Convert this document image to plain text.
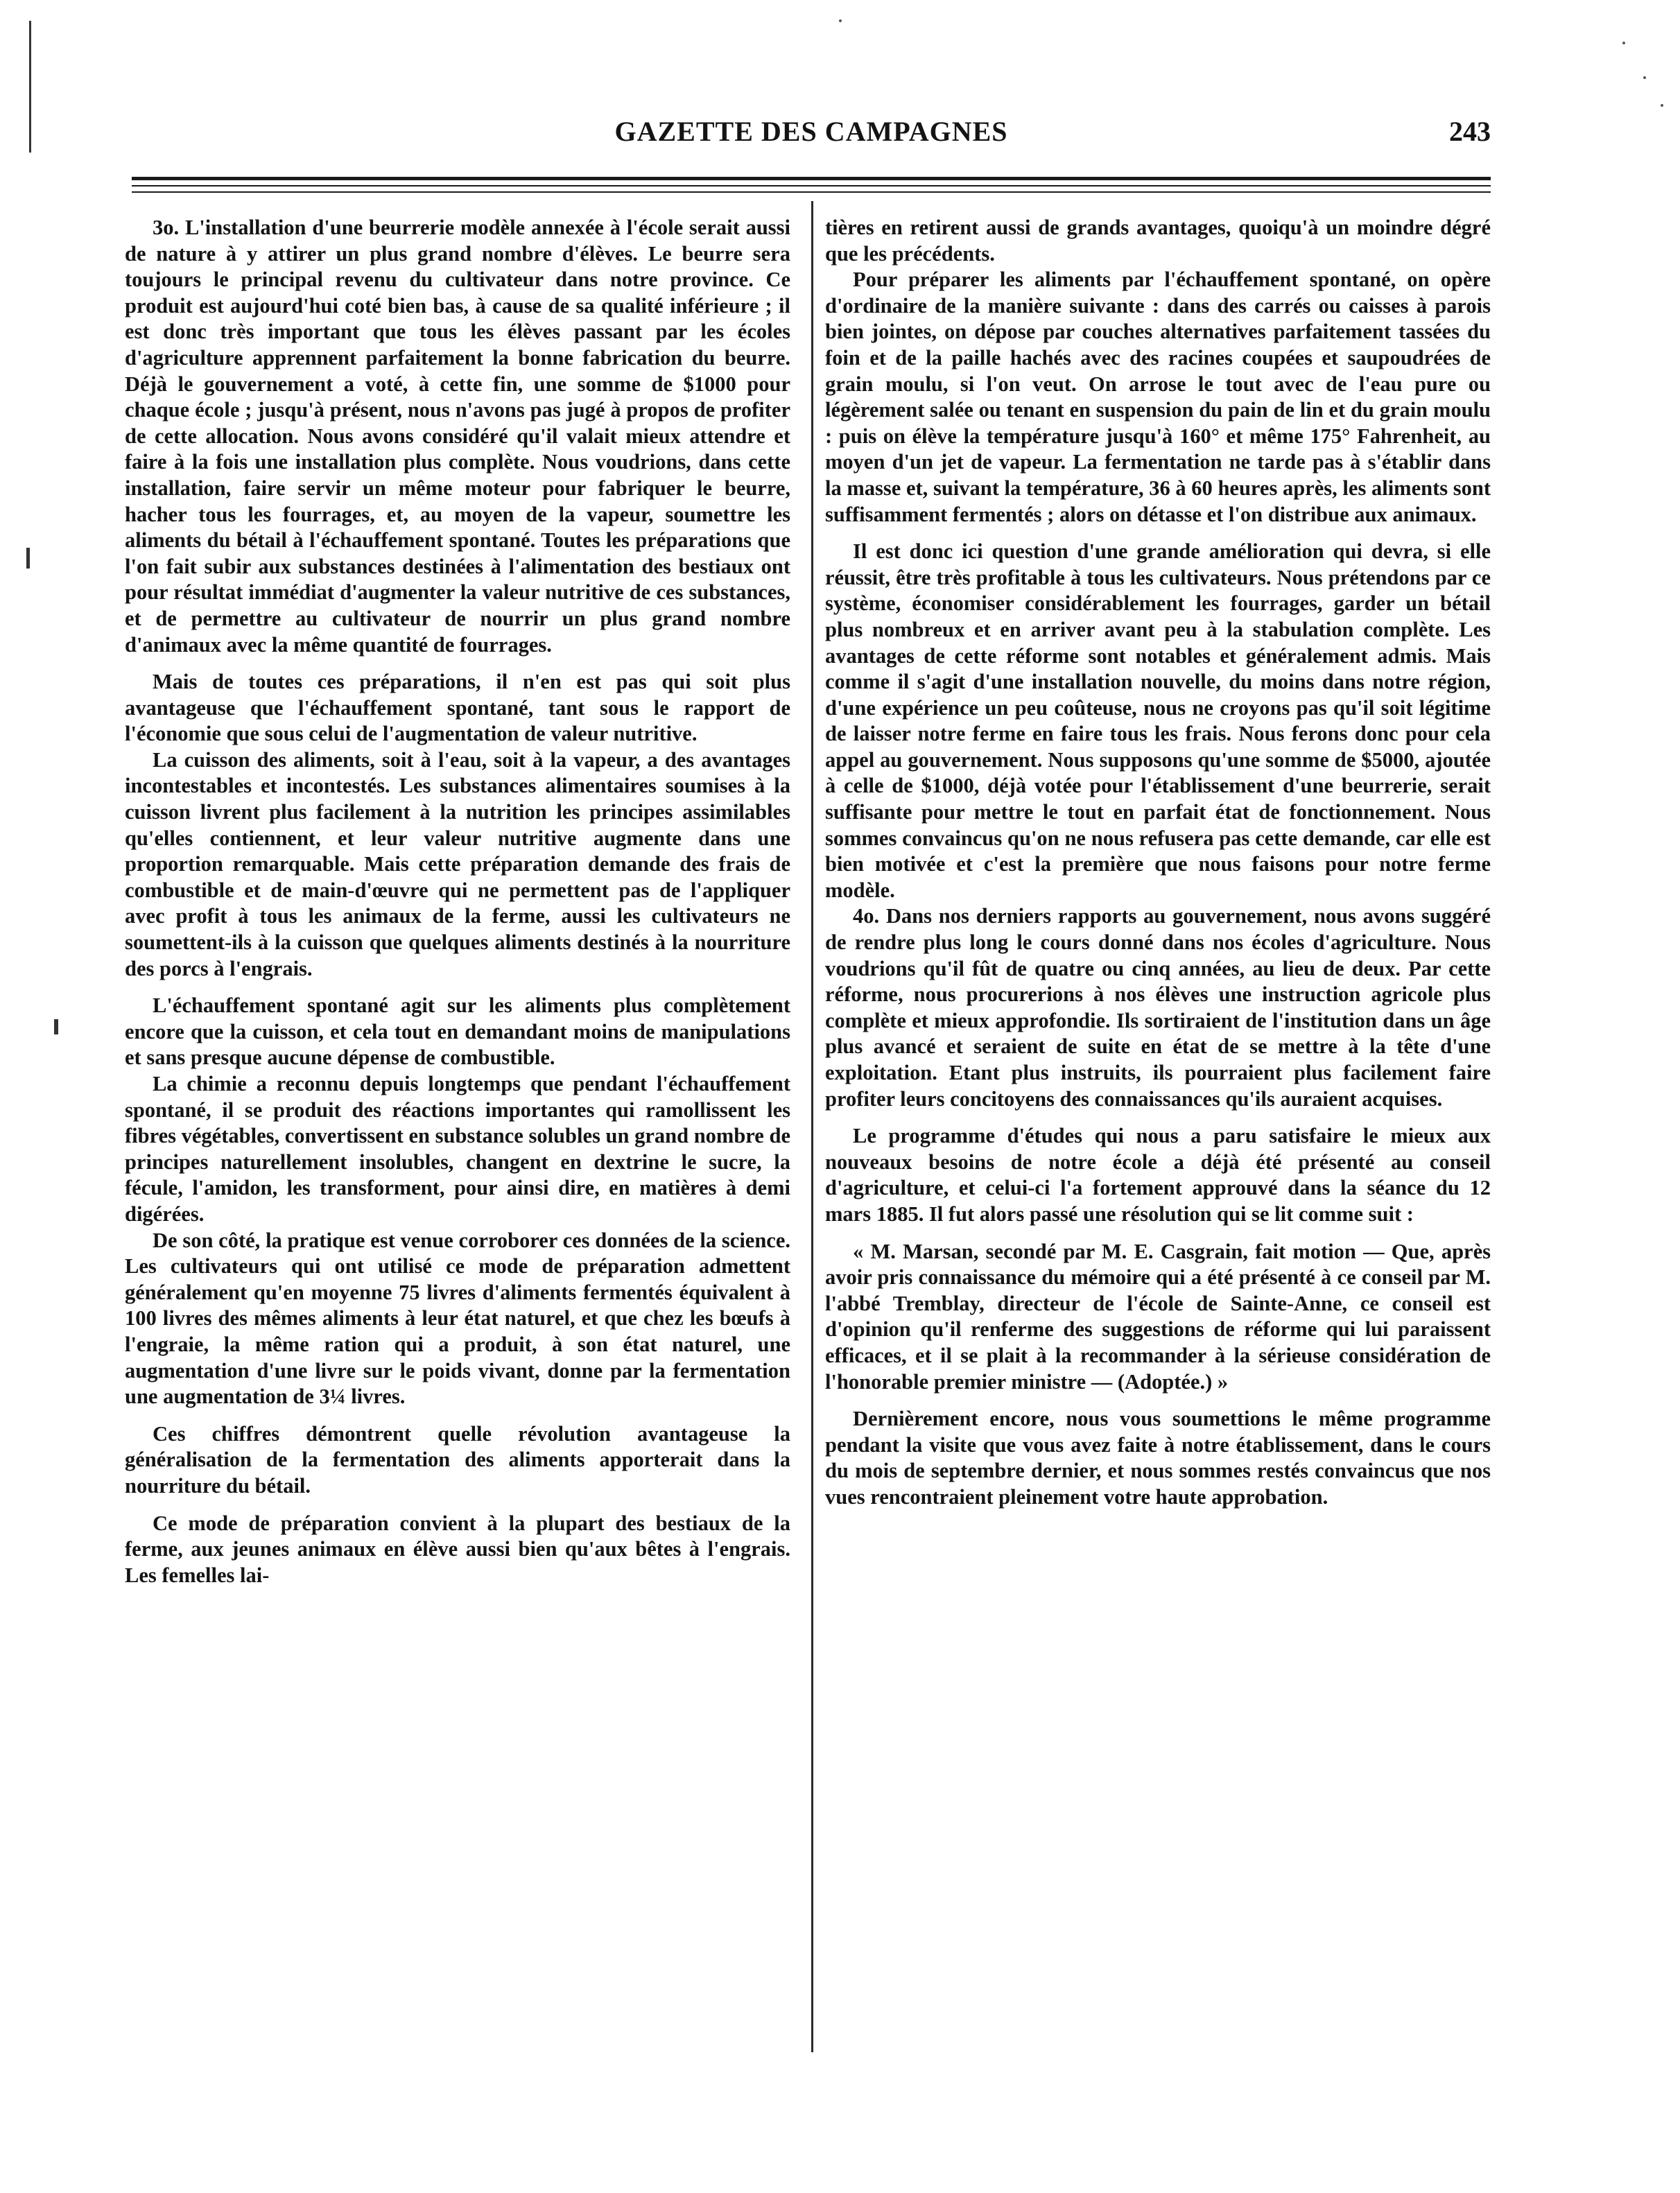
GAZETTE DES CAMPAGNES	243

3o. L'installation d'une beurrerie modèle annexée à l'école serait aussi de nature à y attirer un plus grand nombre d'élèves. Le beurre sera toujours le principal revenu du cultivateur dans notre province. Ce produit est aujourd'hui coté bien bas, à cause de sa qualité inférieure ; il est donc très important que tous les élèves passant par les écoles d'agriculture apprennent parfaitement la bonne fabrication du beurre. Déjà le gouvernement a voté, à cette fin, une somme de $1000 pour chaque école ; jusqu'à présent, nous n'avons pas jugé à propos de profiter de cette allocation. Nous avons considéré qu'il valait mieux attendre et faire à la fois une installation plus complète. Nous voudrions, dans cette installation, faire servir un même moteur pour fabriquer le beurre, hacher tous les fourrages, et, au moyen de la vapeur, soumettre les aliments du bétail à l'échauffement spontané. Toutes les préparations que l'on fait subir aux substances destinées à l'alimentation des bestiaux ont pour résultat immédiat d'augmenter la valeur nutritive de ces substances, et de permettre au cultivateur de nourrir un plus grand nombre d'animaux avec la même quantité de fourrages.

Mais de toutes ces préparations, il n'en est pas qui soit plus avantageuse que l'échauffement spontané, tant sous le rapport de l'économie que sous celui de l'augmentation de valeur nutritive.

La cuisson des aliments, soit à l'eau, soit à la vapeur, a des avantages incontestables et incontestés. Les substances alimentaires soumises à la cuisson livrent plus facilement à la nutrition les principes assimilables qu'elles contiennent, et leur valeur nutritive augmente dans une proportion remarquable. Mais cette préparation demande des frais de combustible et de main-d'œuvre qui ne permettent pas de l'appliquer avec profit à tous les animaux de la ferme, aussi les cultivateurs ne soumettent-ils à la cuisson que quelques aliments destinés à la nourriture des porcs à l'engrais.

L'échauffement spontané agit sur les aliments plus complètement encore que la cuisson, et cela tout en demandant moins de manipulations et sans presque aucune dépense de combustible.

La chimie a reconnu depuis longtemps que pendant l'échauffement spontané, il se produit des réactions importantes qui ramollissent les fibres végétables, convertissent en substance solubles un grand nombre de principes naturellement insolubles, changent en dextrine le sucre, la fécule, l'amidon, les transforment, pour ainsi dire, en matières à demi digérées.

De son côté, la pratique est venue corroborer ces données de la science. Les cultivateurs qui ont utilisé ce mode de préparation admettent généralement qu'en moyenne 75 livres d'aliments fermentés équivalent à 100 livres des mêmes aliments à leur état naturel, et que chez les bœufs à l'engraie, la même ration qui a produit, à son état naturel, une augmentation d'une livre sur le poids vivant, donne par la fermentation une augmentation de 3¼ livres.

Ces chiffres démontrent quelle révolution avantageuse la généralisation de la fermentation des aliments apporterait dans la nourriture du bétail.

Ce mode de préparation convient à la plupart des bestiaux de la ferme, aux jeunes animaux en élève aussi bien qu'aux bêtes à l'engrais. Les femelles lai-

tières en retirent aussi de grands avantages, quoiqu'à un moindre dégré que les précédents.

Pour préparer les aliments par l'échauffement spontané, on opère d'ordinaire de la manière suivante : dans des carrés ou caisses à parois bien jointes, on dépose par couches alternatives parfaitement tassées du foin et de la paille hachés avec des racines coupées et saupoudrées de grain moulu, si l'on veut. On arrose le tout avec de l'eau pure ou légèrement salée ou tenant en suspension du pain de lin et du grain moulu : puis on élève la température jusqu'à 160° et même 175° Fahrenheit, au moyen d'un jet de vapeur. La fermentation ne tarde pas à s'établir dans la masse et, suivant la température, 36 à 60 heures après, les aliments sont suffisamment fermentés ; alors on détasse et l'on distribue aux animaux.

Il est donc ici question d'une grande amélioration qui devra, si elle réussit, être très profitable à tous les cultivateurs. Nous prétendons par ce système, économiser considérablement les fourrages, garder un bétail plus nombreux et en arriver avant peu à la stabulation complète. Les avantages de cette réforme sont notables et généralement admis. Mais comme il s'agit d'une installation nouvelle, du moins dans notre région, d'une expérience un peu coûteuse, nous ne croyons pas qu'il soit légitime de laisser notre ferme en faire tous les frais. Nous ferons donc pour cela appel au gouvernement. Nous supposons qu'une somme de $5000, ajoutée à celle de $1000, déjà votée pour l'établissement d'une beurrerie, serait suffisante pour mettre le tout en parfait état de fonctionnement. Nous sommes convaincus qu'on ne nous refusera pas cette demande, car elle est bien motivée et c'est la première que nous faisons pour notre ferme modèle.

4o. Dans nos derniers rapports au gouvernement, nous avons suggéré de rendre plus long le cours donné dans nos écoles d'agriculture. Nous voudrions qu'il fût de quatre ou cinq années, au lieu de deux. Par cette réforme, nous procurerions à nos élèves une instruction agricole plus complète et mieux approfondie. Ils sortiraient de l'institution dans un âge plus avancé et seraient de suite en état de se mettre à la tête d'une exploitation. Etant plus instruits, ils pourraient plus facilement faire profiter leurs concitoyens des connaissances qu'ils auraient acquises.

Le programme d'études qui nous a paru satisfaire le mieux aux nouveaux besoins de notre école a déjà été présenté au conseil d'agriculture, et celui-ci l'a fortement approuvé dans la séance du 12 mars 1885. Il fut alors passé une résolution qui se lit comme suit :

« M. Marsan, secondé par M. E. Casgrain, fait motion — Que, après avoir pris connaissance du mémoire qui a été présenté à ce conseil par M. l'abbé Tremblay, directeur de l'école de Sainte-Anne, ce conseil est d'opinion qu'il renferme des suggestions de réforme qui lui paraissent efficaces, et il se plait à la recommander à la sérieuse considération de l'honorable premier ministre — (Adoptée.) »

Dernièrement encore, nous vous soumettions le même programme pendant la visite que vous avez faite à notre établissement, dans le cours du mois de septembre dernier, et nous sommes restés convaincus que nos vues rencontraient pleinement votre haute approbation.
